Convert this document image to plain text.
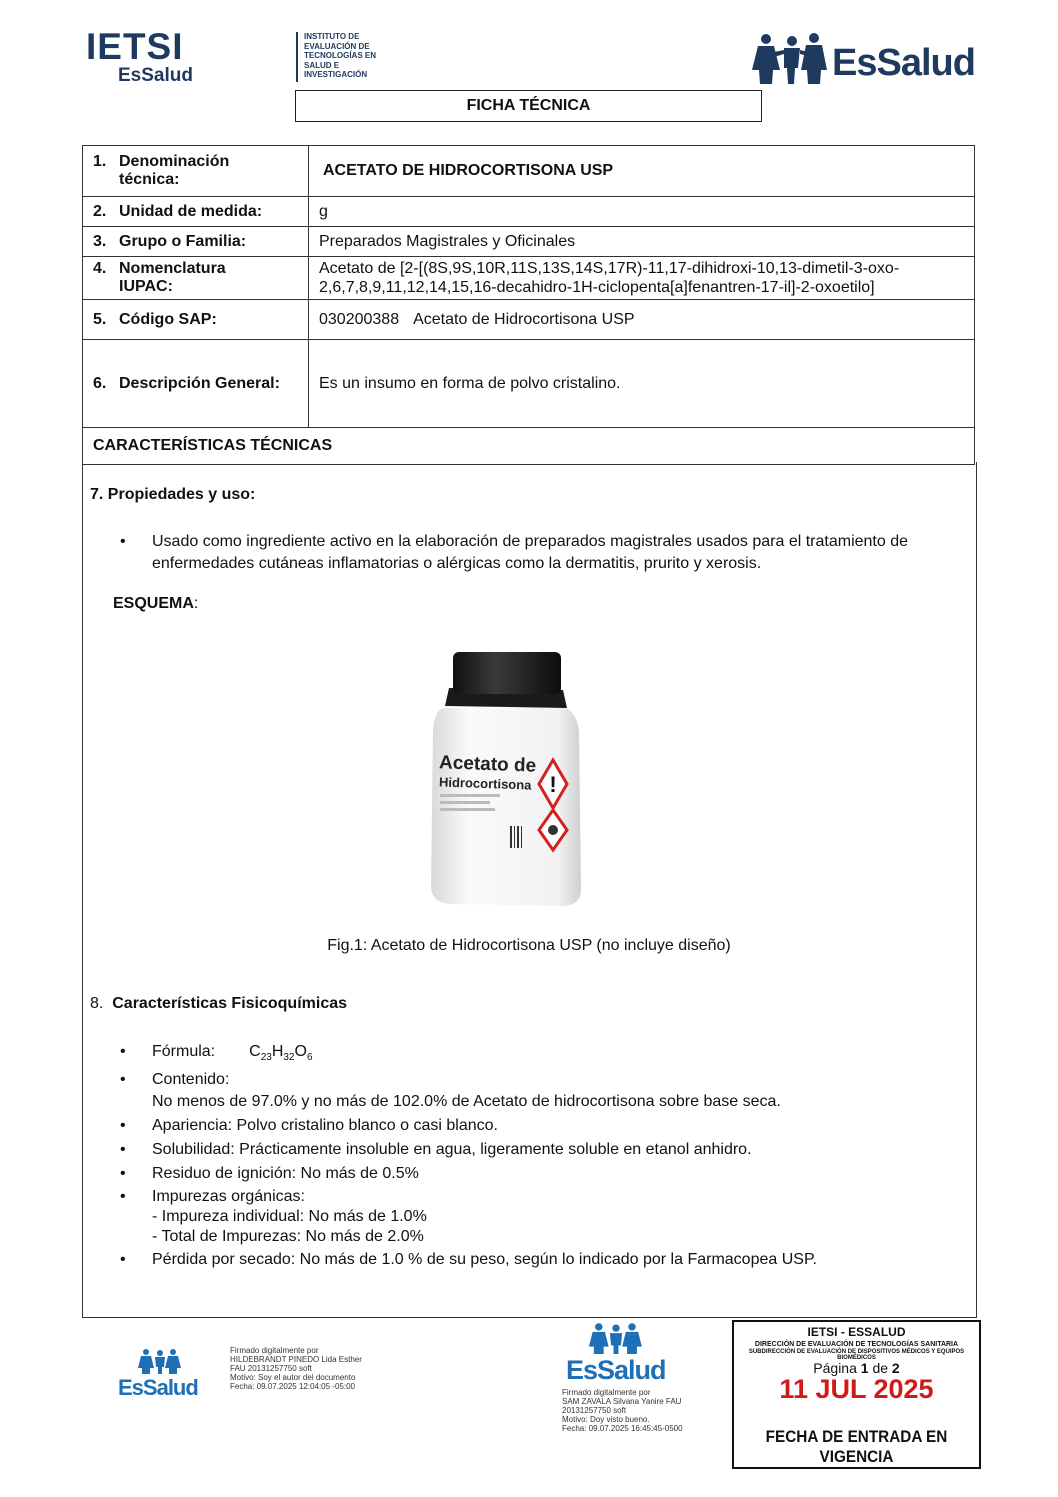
IETSI
EsSalud
INSTITUTO DE
EVALUACIÓN DE
TECNOLOGÍAS EN
SALUD E
INVESTIGACIÓN	EsSalud
FICHA TÉCNICA
1. Denominación
técnica:	ACETATO DE HIDROCORTISONA USP
2. Unidad de medida:	g
3. Grupo o Familia:	Preparados Magistrales y Oficinales
4. Nomenclatura
IUPAC:	Acetato de [2-[(8S,9S,10R,11S,13S,14S,17R)-11,17-dihidroxi-10,13-dimetil-3-oxo-
2,6,7,8,9,11,12,14,15,16-decahidro-1H-ciclopenta[a]fenantren-17-il]-2-oxoetilo]

5. Código SAP:	030200388 Acetato de Hidrocortisona USP
6. Descripción General:	Es un insumo en forma de polvo cristalino.
CARACTERÍSTICAS TÉCNICAS	
7. Propiedades y uso:
• Usado como ingrediente activo en la elaboración de preparados magistrales usados para el tratamiento de enfermedades cutáneas inflamatorias o alérgicas como la dermatitis, prurito y xerosis.
ESQUEMA:
!
Acetato de
Hidrocortisona
Fig.1: Acetato de Hidrocortisona USP (no incluye diseño)
8. Características Fisicoquímicas
• Fórmula: $C_{23}H_{32}O_6$
• Contenido:
No menos de 97.0% y no más de 102.0% de Acetato de hidrocortisona sobre base seca.
• Apariencia: Polvo cristalino blanco o casi blanco.
• Solubilidad: Prácticamente insoluble en agua, ligeramente soluble en etanol anhidro.
• Residuo de ignición: No más de 0.5%
• Impurezas orgánicas:
- Impureza individual: No más de 1.0%
- Total de Impurezas: No más de 2.0%
• Pérdida por secado: No más de 1.0 % de su peso, según lo indicado por la Farmacopea USP.
EsSalud
Firmado digitalmente por
HILDEBRANDT PINEDO Lida Esther
FAU 20131257750 soft
Motivo: Soy el autor del documento
Fecha: 09.07.2025 12:04:05 -05:00
EsSalud
Firmado digitalmente por
SAM ZAVALA Silvana Yanire FAU
20131257750 soft
Motivo: Doy visto bueno.
Fecha: 09.07.2025 16:45:45-0500
IETSI - ESSALUD
DIRECCIÓN DE EVALUACIÓN DE TECNOLOGÍAS SANITARIA
SUBDIRECCIÓN DE EVALUACIÓN DE DISPOSITIVOS MÉDICOS Y EQUIPOS BIOMÉDICOS
Página 1 de 2
11 JUL 2025
FECHA DE ENTRADA EN VIGENCIA
